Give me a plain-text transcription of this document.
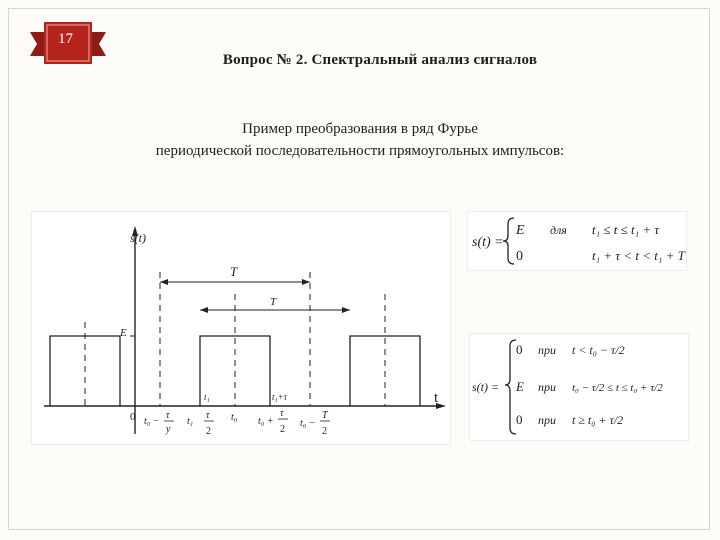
17
Вопрос № 2. Спектральный анализ сигналов
Пример преобразования в ряд Фурье
периодической последовательности прямоугольных импульсов:
T
T
s(t)
t
E
0 t₀ −
τ
y
t₁
t₁
τ
2
t₀
t₁+τ
t₀ +
τ
2
t₀ −
T
2
s(t) =
E для t₁ ≤ t ≤ t₁ + τ
0	t₁ + τ < t < t₁ + T
s(t) =
0 при t < t₀ − τ/2
E при t₀ − τ/2 ≤ t ≤ t₀ + τ/2
0 при t ≥ t₀ + τ/2
